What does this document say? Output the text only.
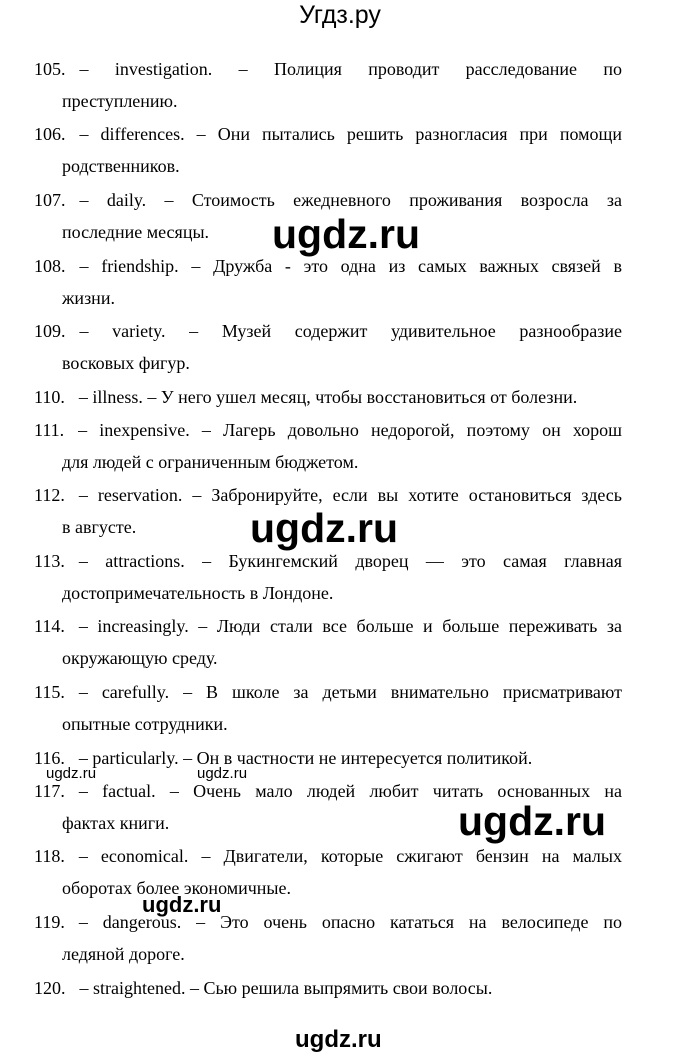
Угдз.ру
105. – investigation. – Полиция проводит расследование по
преступлению.
106. – differences. – Они пытались решить разногласия при помощи
родственников.
107. – daily. – Стоимость ежедневного проживания возросла за
последние месяцы.
108. – friendship. – Дружба - это одна из самых важных связей в
жизни.
109. – variety. – Музей содержит удивительное разнообразие
восковых фигур.
110. – illness. – У него ушел месяц, чтобы восстановиться от болезни.
111. – inexpensive. – Лагерь довольно недорогой, поэтому он хорош
для людей с ограниченным бюджетом.
112. – reservation. – Забронируйте, если вы хотите остановиться здесь
в августе.
113. – attractions. – Букингемский дворец — это самая главная
достопримечательность в Лондоне.
114. – increasingly. – Люди стали все больше и больше переживать за
окружающую среду.
115. – carefully. – В школе за детьми внимательно присматривают
опытные сотрудники.
116. – particularly. – Он в частности не интересуется политикой.
117. – factual. – Очень мало людей любит читать основанных на
фактах книги.
118. – economical. – Двигатели, которые сжигают бензин на малых
оборотах более экономичные.
119. – dangerous. – Это очень опасно кататься на велосипеде по
ледяной дороге.
120. – straightened. – Сью решила выпрямить свои волосы.
ugdz.ru
ugdz.ru
ugdz.ru
ugdz.ru	ugdz.ru
ugdz.ru
ugdz.ru
